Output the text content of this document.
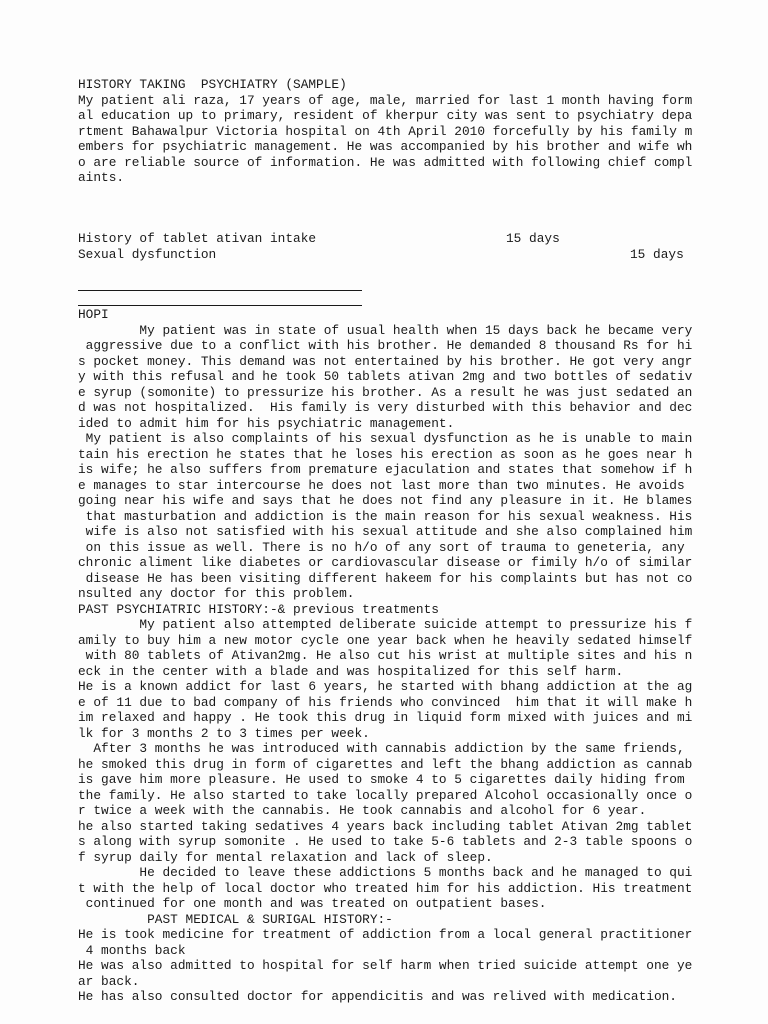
HISTORY TAKING  PSYCHIATRY (SAMPLE)
My patient ali raza, 17 years of age, male, married for last 1 month having form
al education up to primary, resident of kherpur city was sent to psychiatry depa
rtment Bahawalpur Victoria hospital on 4th April 2010 forcefully by his family m
embers for psychiatric management. He was accompanied by his brother and wife wh
o are reliable source of information. He was admitted with following chief compl
aints.
History of tablet ativan intake	15 days
Sexual dysfunction	15 days
HOPI
My patient was in state of usual health when 15 days back he became very
aggressive due to a conflict with his brother. He demanded 8 thousand Rs for hi
s pocket money. This demand was not entertained by his brother. He got very angr
y with this refusal and he took 50 tablets ativan 2mg and two bottles of sedativ
e syrup (somonite) to pressurize his brother. As a result he was just sedated an
d was not hospitalized.  His family is very disturbed with this behavior and dec
ided to admit him for his psychiatric management.
My patient is also complaints of his sexual dysfunction as he is unable to main
tain his erection he states that he loses his erection as soon as he goes near h
is wife; he also suffers from premature ejaculation and states that somehow if h
e manages to star intercourse he does not last more than two minutes. He avoids
going near his wife and says that he does not find any pleasure in it. He blames
that masturbation and addiction is the main reason for his sexual weakness. His
wife is also not satisfied with his sexual attitude and she also complained him
on this issue as well. There is no h/o of any sort of trauma to geneteria, any
chronic aliment like diabetes or cardiovascular disease or fimily h/o of similar
disease He has been visiting different hakeem for his complaints but has not co
nsulted any doctor for this problem.
PAST PSYCHIATRIC HISTORY:-& previous treatments
My patient also attempted deliberate suicide attempt to pressurize his f
amily to buy him a new motor cycle one year back when he heavily sedated himself
with 80 tablets of Ativan2mg. He also cut his wrist at multiple sites and his n
eck in the center with a blade and was hospitalized for this self harm.
He is a known addict for last 6 years, he started with bhang addiction at the ag
e of 11 due to bad company of his friends who convinced  him that it will make h
im relaxed and happy . He took this drug in liquid form mixed with juices and mi
lk for 3 months 2 to 3 times per week.
After 3 months he was introduced with cannabis addiction by the same friends,
he smoked this drug in form of cigarettes and left the bhang addiction as cannab
is gave him more pleasure. He used to smoke 4 to 5 cigarettes daily hiding from
the family. He also started to take locally prepared Alcohol occasionally once o
r twice a week with the cannabis. He took cannabis and alcohol for 6 year.
he also started taking sedatives 4 years back including tablet Ativan 2mg tablet
s along with syrup somonite . He used to take 5-6 tablets and 2-3 table spoons o
f syrup daily for mental relaxation and lack of sleep.
He decided to leave these addictions 5 months back and he managed to qui
t with the help of local doctor who treated him for his addiction. His treatment
continued for one month and was treated on outpatient bases.
PAST MEDICAL & SURIGAL HISTORY:-
He is took medicine for treatment of addiction from a local general practitioner
4 months back
He was also admitted to hospital for self harm when tried suicide attempt one ye
ar back.
He has also consulted doctor for appendicitis and was relived with medication.
